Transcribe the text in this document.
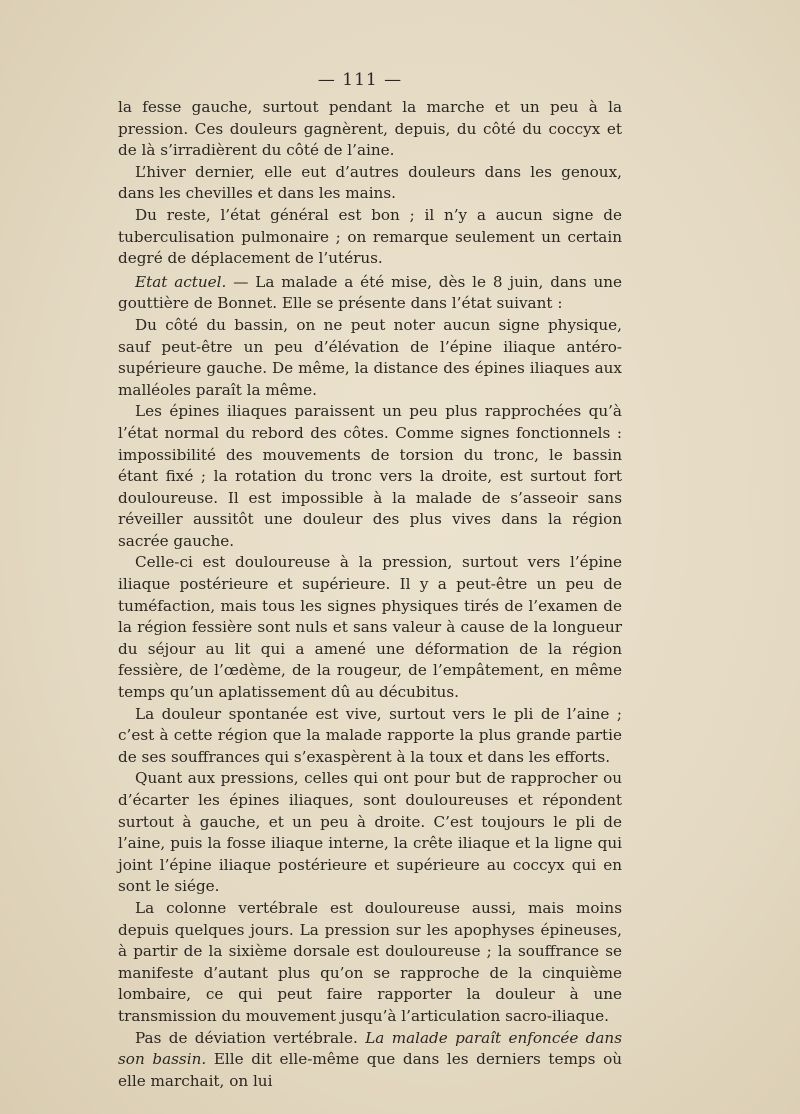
— 111 —

la fesse gauche, surtout pendant la marche et un peu à la pression. Ces douleurs gagnèrent, depuis, du côté du coccyx et de là s’irradièrent du côté de l’aine.

L’hiver dernier, elle eut d’autres douleurs dans les genoux, dans les chevilles et dans les mains.

Du reste, l’état général est bon ; il n’y a aucun signe de tuberculisation pulmonaire ; on remarque seulement un certain degré de déplacement de l’utérus.

Etat actuel. — La malade a été mise, dès le 8 juin, dans une gouttière de Bonnet. Elle se présente dans l’état suivant :

Du côté du bassin, on ne peut noter aucun signe physique, sauf peut-être un peu d’élévation de l’épine iliaque antéro-supérieure gauche. De même, la distance des épines iliaques aux malléoles paraît la même.

Les épines iliaques paraissent un peu plus rapprochées qu’à l’état normal du rebord des côtes. Comme signes fonctionnels : impossibilité des mouvements de torsion du tronc, le bassin étant fixé ; la rotation du tronc vers la droite, est surtout fort douloureuse. Il est impossible à la malade de s’asseoir sans réveiller aussitôt une douleur des plus vives dans la région sacrée gauche.

Celle-ci est douloureuse à la pression, surtout vers l’épine iliaque postérieure et supérieure. Il y a peut-être un peu de tuméfaction, mais tous les signes physiques tirés de l’examen de la région fessière sont nuls et sans valeur à cause de la longueur du séjour au lit qui a amené une déformation de la région fessière, de l’œdème, de la rougeur, de l’empâtement, en même temps qu’un aplatissement dû au décubitus.

La douleur spontanée est vive, surtout vers le pli de l’aine ; c’est à cette région que la malade rapporte la plus grande partie de ses souffrances qui s’exaspèrent à la toux et dans les efforts.

Quant aux pressions, celles qui ont pour but de rapprocher ou d’écarter les épines iliaques, sont douloureuses et répondent surtout à gauche, et un peu à droite. C’est toujours le pli de l’aine, puis la fosse iliaque interne, la crête iliaque et la ligne qui joint l’épine iliaque postérieure et supérieure au coccyx qui en sont le siége.

La colonne vertébrale est douloureuse aussi, mais moins depuis quelques jours. La pression sur les apophyses épineuses, à partir de la sixième dorsale est douloureuse ; la souffrance se manifeste d’autant plus qu’on se rapproche de la cinquième lombaire, ce qui peut faire rapporter la douleur à une transmission du mouvement jusqu’à l’articulation sacro-iliaque.

Pas de déviation vertébrale. La malade paraît enfoncée dans son bassin. Elle dit elle-même que dans les derniers temps où elle marchait, on lui
